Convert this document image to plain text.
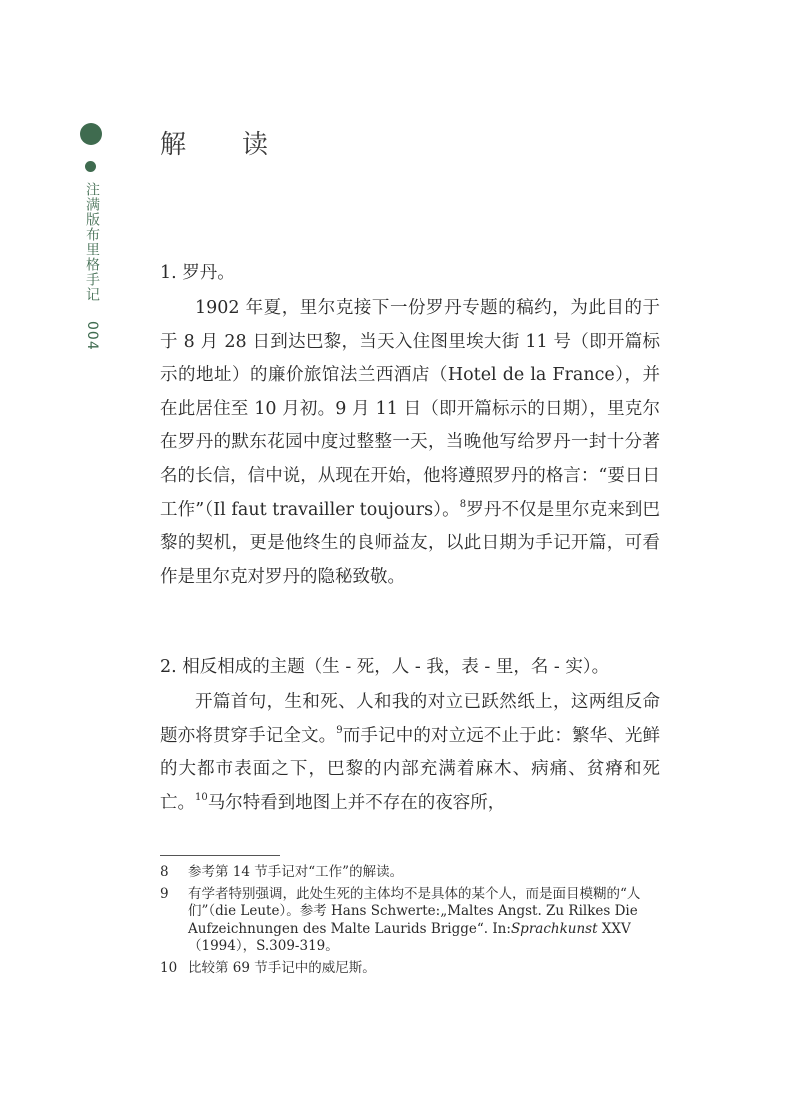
注满版布里格手记 004
解读

1. 罗丹。

1902 年夏，里尔克接下一份罗丹专题的稿约，为此目的于于 8 月 28 日到达巴黎，当天入住图里埃大街 11 号（即开篇标示的地址）的廉价旅馆法兰西酒店（Hotel de la France），并在此居住至 10 月初。9 月 11 日（即开篇标示的日期），里克尔在罗丹的默东花园中度过整整一天，当晚他写给罗丹一封十分著名的长信，信中说，从现在开始，他将遵照罗丹的格言：“要日日工作”（Il faut travailler toujours）。$^8$罗丹不仅是里尔克来到巴黎的契机，更是他终生的良师益友，以此日期为手记开篇，可看作是里尔克对罗丹的隐秘致敬。

2. 相反相成的主题（生 - 死，人 - 我，表 - 里，名 - 实）。

开篇首句，生和死、人和我的对立已跃然纸上，这两组反命题亦将贯穿手记全文。$^9$而手记中的对立远不止于此：繁华、光鲜的大都市表面之下，巴黎的内部充满着麻木、病痛、贫瘠和死亡。$^{10}$马尔特看到地图上并不存在的夜容所，

8	参考第 14 节手记对“工作”的解读。
9	有学者特别强调，此处生死的主体均不是具体的某个人，而是面目模糊的“人们”（die Leute）。参考 Hans Schwerte:„Maltes Angst. Zu Rilkes Die Aufzeichnungen des Malte Laurids Brigge“. In:Sprachkunst XXV（1994），S.309-319。
10 比较第 69 节手记中的威尼斯。
